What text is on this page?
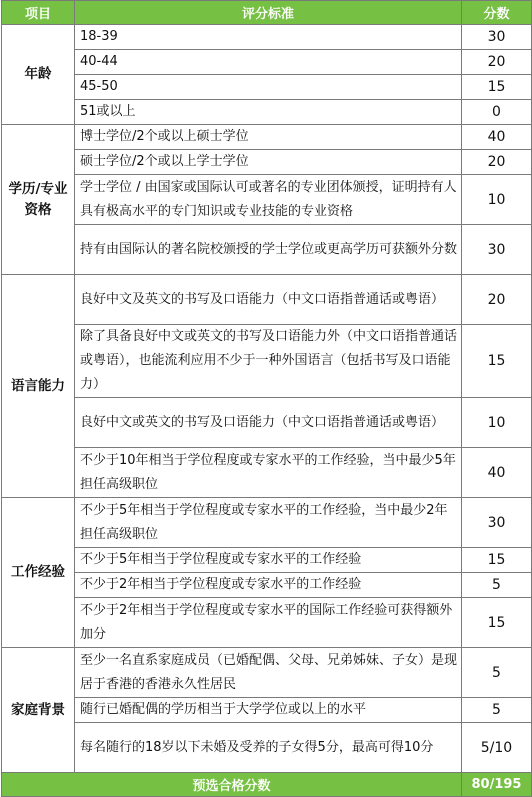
项目	评分标准	分数
年龄	18-39	30
	40-44	20
	45-50	15
	51或以上	0
学历/专业资格	博士学位/2个或以上硕士学位	40
	硕士学位/2个或以上学士学位	20
	学士学位 / 由国家或国际认可或著名的专业团体颁授，证明持有人具有极高水平的专门知识或专业技能的专业资格	10
	持有由国际认的著名院校颁授的学士学位或更高学历可获额外分数	30
语言能力	良好中文及英文的书写及口语能力（中文口语指普通话或粤语）	20
	除了具备良好中文或英文的书写及口语能力外（中文口语指普通话或粤语），也能流利应用不少于一种外国语言（包括书写及口语能力）	15
	良好中文或英文的书写及口语能力（中文口语指普通话或粤语）	10
	不少于10年相当于学位程度或专家水平的工作经验，当中最少5年担任高级职位	40
工作经验	不少于5年相当于学位程度或专家水平的工作经验，当中最少2年担任高级职位	30
	不少于5年相当于学位程度或专家水平的工作经验	15
	不少于2年相当于学位程度或专家水平的工作经验	5
	不少于2年相当于学位程度或专家水平的国际工作经验可获得额外加分	15
家庭背景	至少一名直系家庭成员（已婚配偶、父母、兄弟姊妹、子女）是现居于香港的香港永久性居民	5
	随行已婚配偶的学历相当于大学学位或以上的水平	5
	每名随行的18岁以下未婚及受养的子女得5分，最高可得10分	5/10
预选合格分数		80/195
